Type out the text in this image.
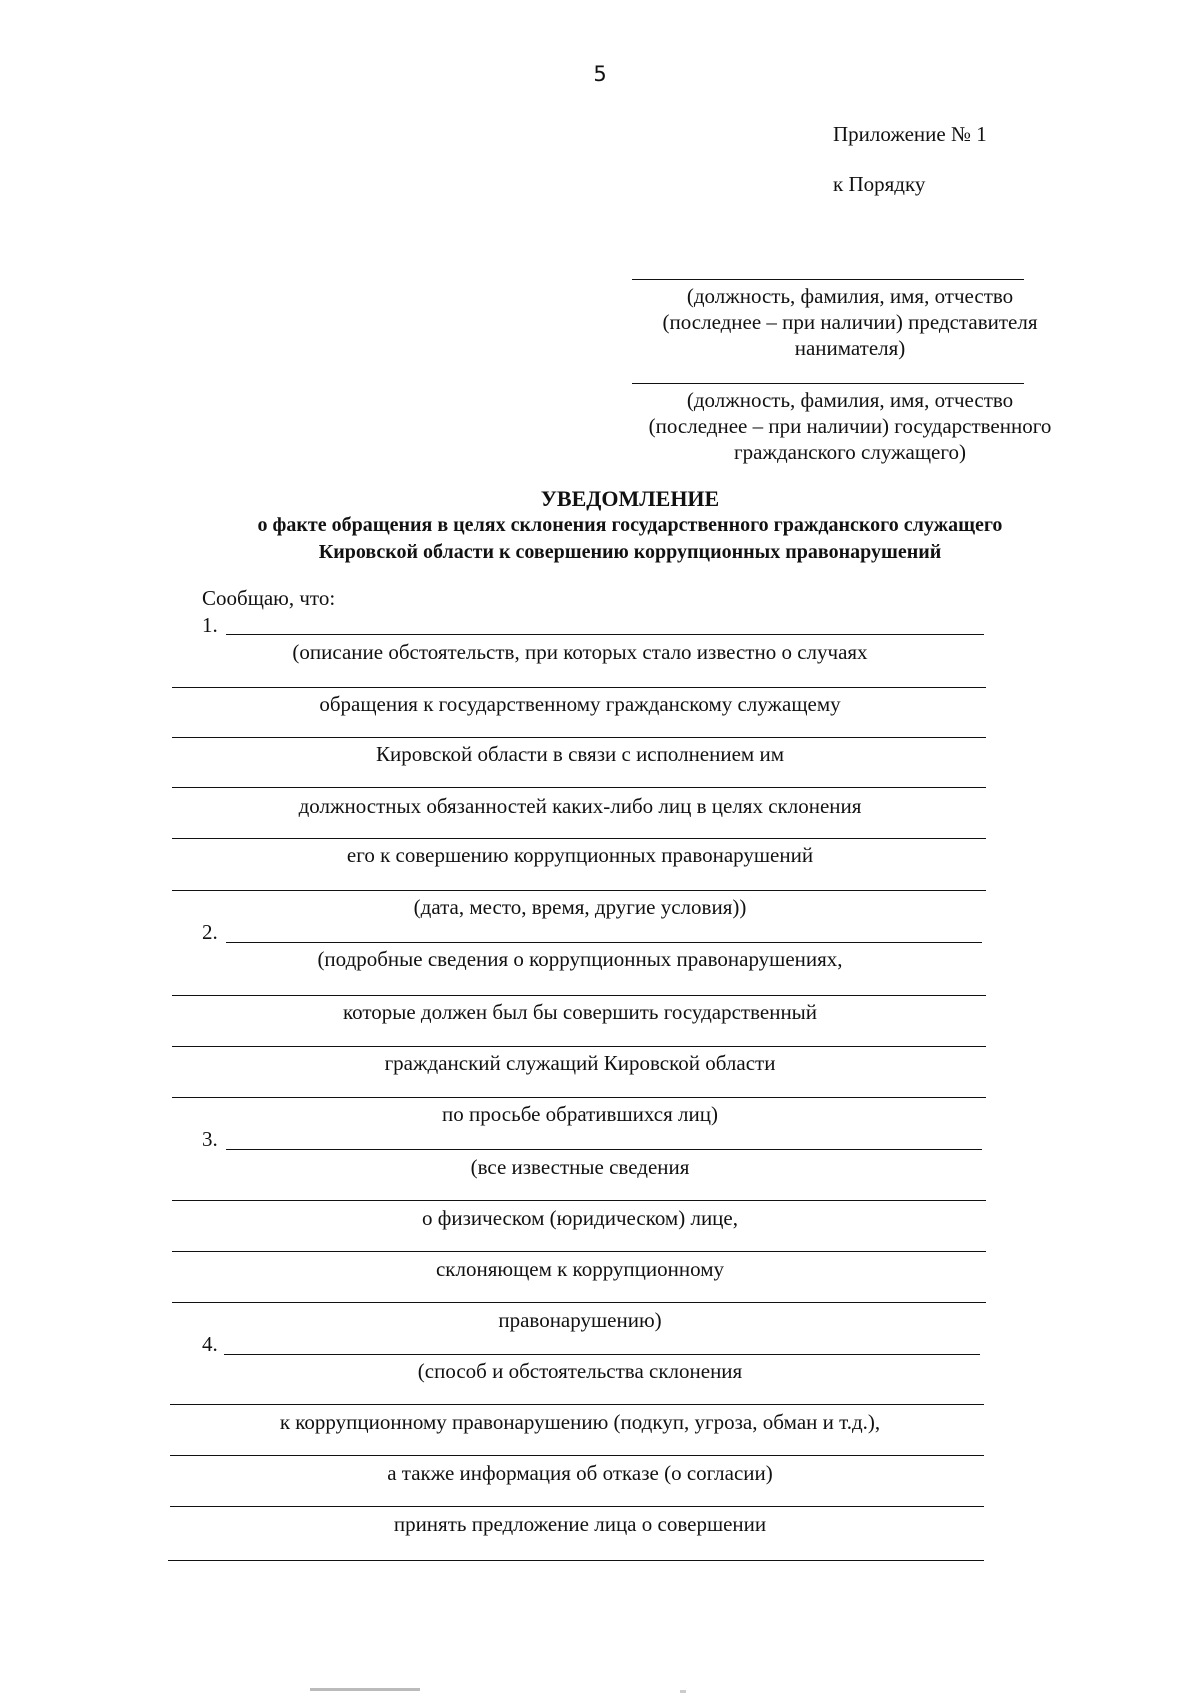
5
Приложение № 1
к Порядку
(должность, фамилия, имя, отчество
(последнее – при наличии) представителя
нанимателя)
(должность, фамилия, имя, отчество
(последнее – при наличии) государственного
гражданского служащего)
УВЕДОМЛЕНИЕ
о факте обращения в целях склонения государственного гражданского служащего
Кировской области к совершению коррупционных правонарушений
Сообщаю, что:
1.
(описание обстоятельств, при которых стало известно о случаях
обращения к государственному гражданскому служащему
Кировской области в связи с исполнением им
должностных обязанностей каких-либо лиц в целях склонения
его к совершению коррупционных правонарушений
(дата, место, время, другие условия))
2.
(подробные сведения о коррупционных правонарушениях,
которые должен был бы совершить государственный
гражданский служащий Кировской области
по просьбе обратившихся лиц)
3.
(все известные сведения
о физическом (юридическом) лице,
склоняющем к коррупционному
правонарушению)
4.
(способ и обстоятельства склонения
к коррупционному правонарушению (подкуп, угроза, обман и т.д.),
а также информация об отказе (о согласии)
принять предложение лица о совершении
